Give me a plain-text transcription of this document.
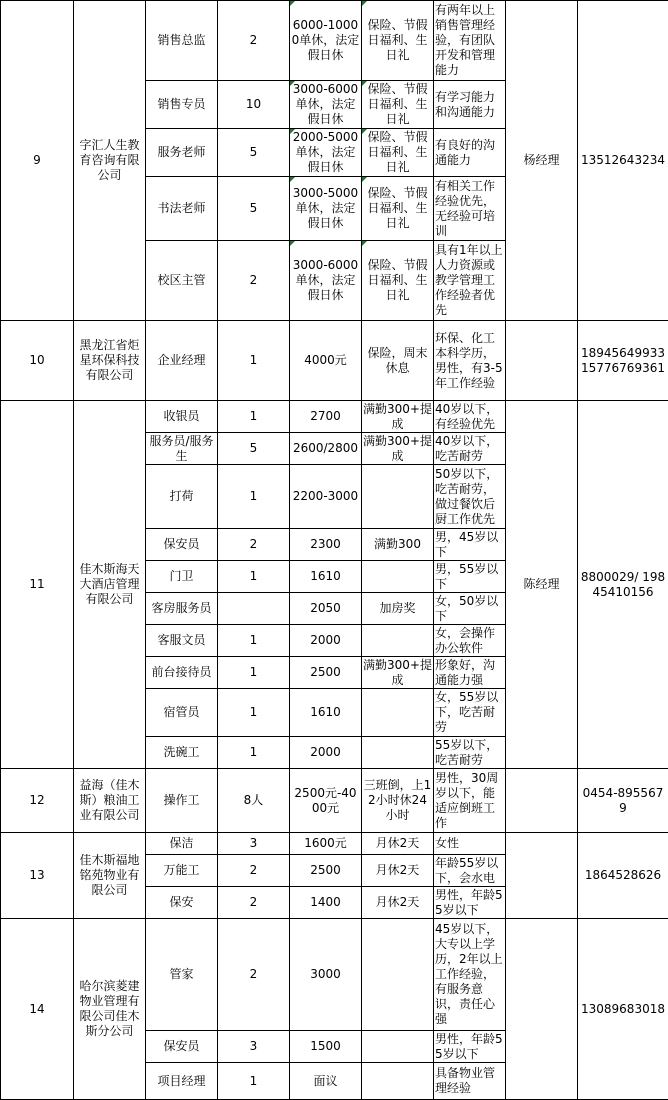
9	字汇人生教育咨询有限公司	销售总监	2	6000-10000单休，法定假日休	保险、节假日福利、生日礼	有两年以上销售管理经验，有团队开发和管理能力	杨经理	13512643234
		销售专员	10	3000-6000单休，法定假日休	保险、节假日福利、生日礼	有学习能力和沟通能力		
		服务老师	5	2000-5000单休，法定假日休	保险、节假日福利、生日礼	有良好的沟通能力		
		书法老师	5	3000-5000单休，法定假日休	保险、节假日福利、生日礼	有相关工作经验优先，无经验可培训		
		校区主管	2	3000-6000单休，法定假日休	保险、节假日福利、生日礼	具有1年以上人力资源或教学管理工作经验者优先		
10	黑龙江省炬星环保科技有限公司	企业经理	1	4000元	保险，周末休息	环保、化工本科学历，男性，有3-5年工作经验		18945649933 15776769361
11	佳木斯海天大酒店管理有限公司	收银员	1	2700	满勤300+提成	40岁以下，有经验优先	陈经理	8800029/ 19845410156
		服务员/服务生	5	2600/2800	满勤300+提成	40岁以下，吃苦耐劳		
		打荷	1	2200-3000		50岁以下，吃苦耐劳，做过餐饮后厨工作优先		
		保安员	2	2300	满勤300	男，45岁以下		
		门卫	1	1610		男，55岁以下		
		客房服务员		2050	加房奖	女，50岁以下		
		客服文员	1	2000		女，会操作办公软件		
		前台接待员	1	2500	满勤300+提成	形象好，沟通能力强		
		宿管员	1	1610		女，55岁以下，吃苦耐劳		
		洗碗工	1	2000		55岁以下，吃苦耐劳		
12	益海（佳木斯）粮油工业有限公司	操作工	8人	2500元-4000元	三班倒，上12小时休24小时	男性，30周岁以下，能适应倒班工作		0454-8955679
13	佳木斯福地铭苑物业有限公司	保洁	3	1600元	月休2天	女性		18645286​26
		万能工	2	2500	月休2天	年龄55岁以下，会水电		
		保安	2	1400	月休2天	男性，年龄55岁以下		
14	哈尔滨菱建物业管理有限公司佳木斯分公司	管家	2	3000		45岁以下，大专以上学历，2年以上工作经验，有服务意识，责任心强		13089683018
		保安员	3	1500		男性，年龄55岁以下		
		项目经理	1	面议		具备物业管理经验		
